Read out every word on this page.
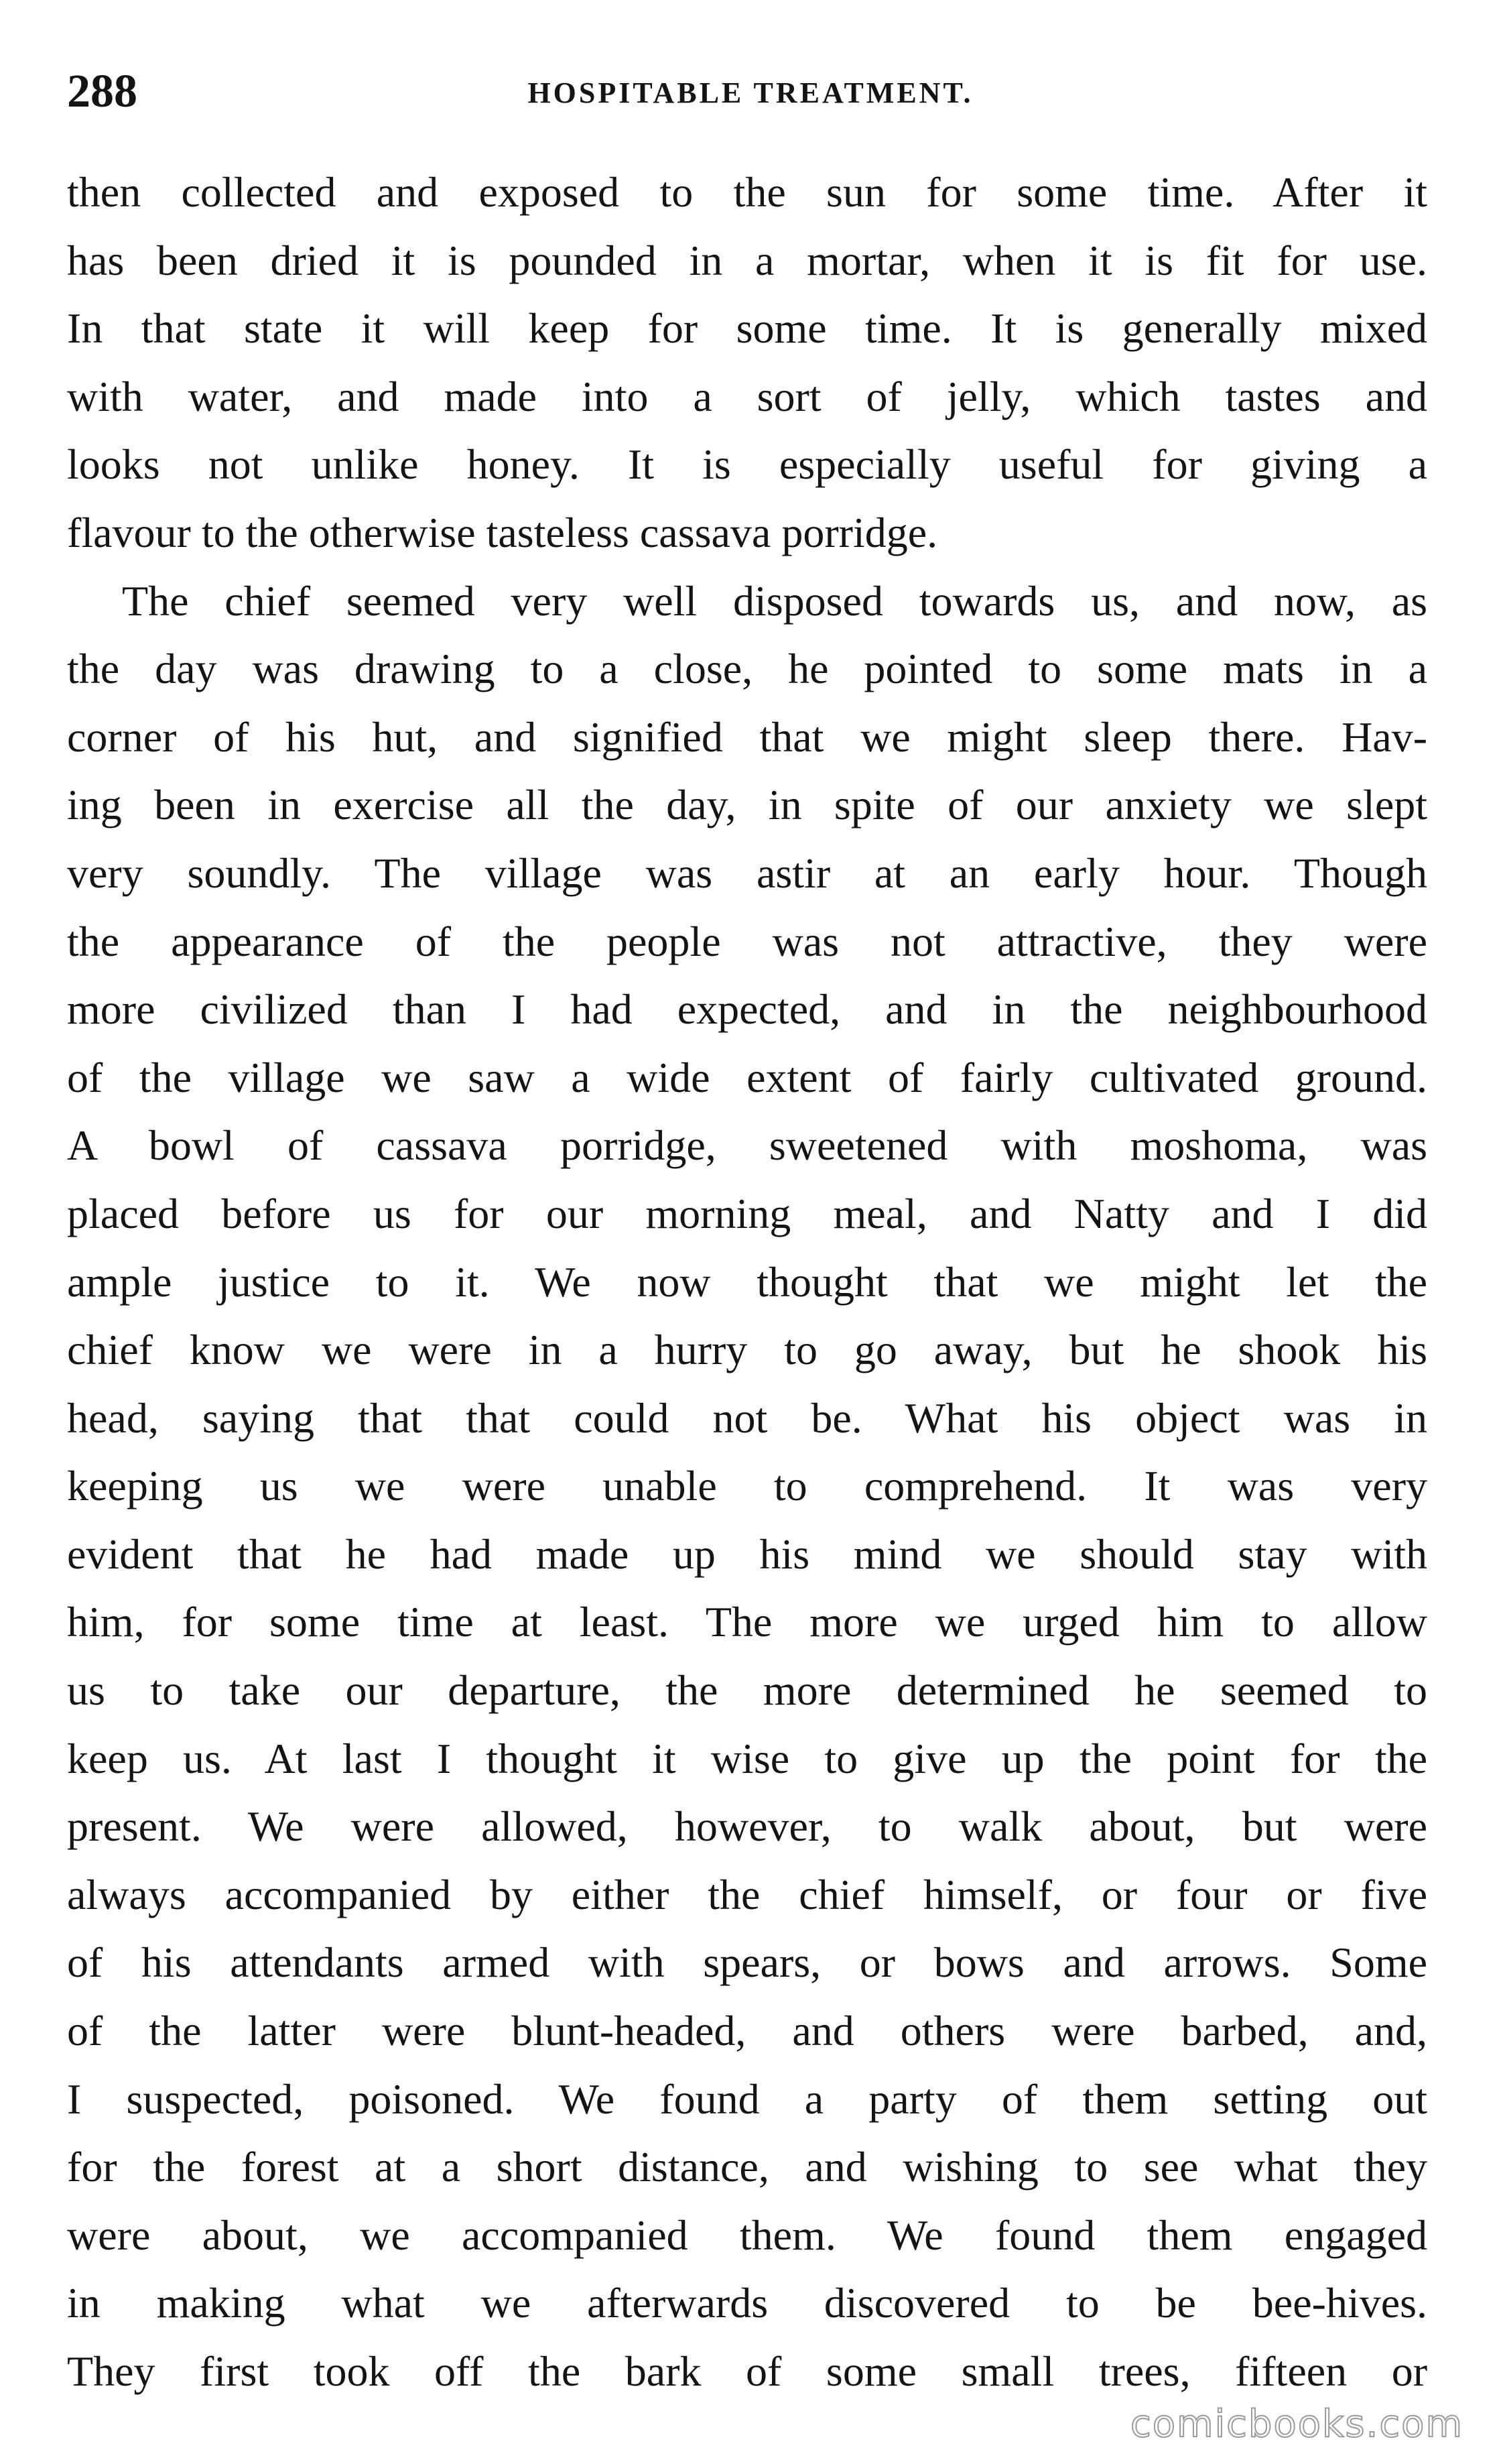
288	HOSPITABLE TREATMENT.
then collected and exposed to the sun for some time. After it
has been dried it is pounded in a mortar, when it is fit for use.
In that state it will keep for some time. It is generally mixed
with water, and made into a sort of jelly, which tastes and
looks not unlike honey. It is especially useful for giving a
flavour to the otherwise tasteless cassava porridge.
The chief seemed very well disposed towards us, and now, as
the day was drawing to a close, he pointed to some mats in a
corner of his hut, and signified that we might sleep there. Hav-
ing been in exercise all the day, in spite of our anxiety we slept
very soundly. The village was astir at an early hour. Though
the appearance of the people was not attractive, they were
more civilized than I had expected, and in the neighbourhood
of the village we saw a wide extent of fairly cultivated ground.
A bowl of cassava porridge, sweetened with moshoma, was
placed before us for our morning meal, and Natty and I did
ample justice to it. We now thought that we might let the
chief know we were in a hurry to go away, but he shook his
head, saying that that could not be. What his object was in
keeping us we were unable to comprehend. It was very
evident that he had made up his mind we should stay with
him, for some time at least. The more we urged him to allow
us to take our departure, the more determined he seemed to
keep us. At last I thought it wise to give up the point for the
present. We were allowed, however, to walk about, but were
always accompanied by either the chief himself, or four or five
of his attendants armed with spears, or bows and arrows. Some
of the latter were blunt-headed, and others were barbed, and,
I suspected, poisoned. We found a party of them setting out
for the forest at a short distance, and wishing to see what they
were about, we accompanied them. We found them engaged
in making what we afterwards discovered to be bee-hives.
They first took off the bark of some small trees, fifteen or
comicbooks.com
